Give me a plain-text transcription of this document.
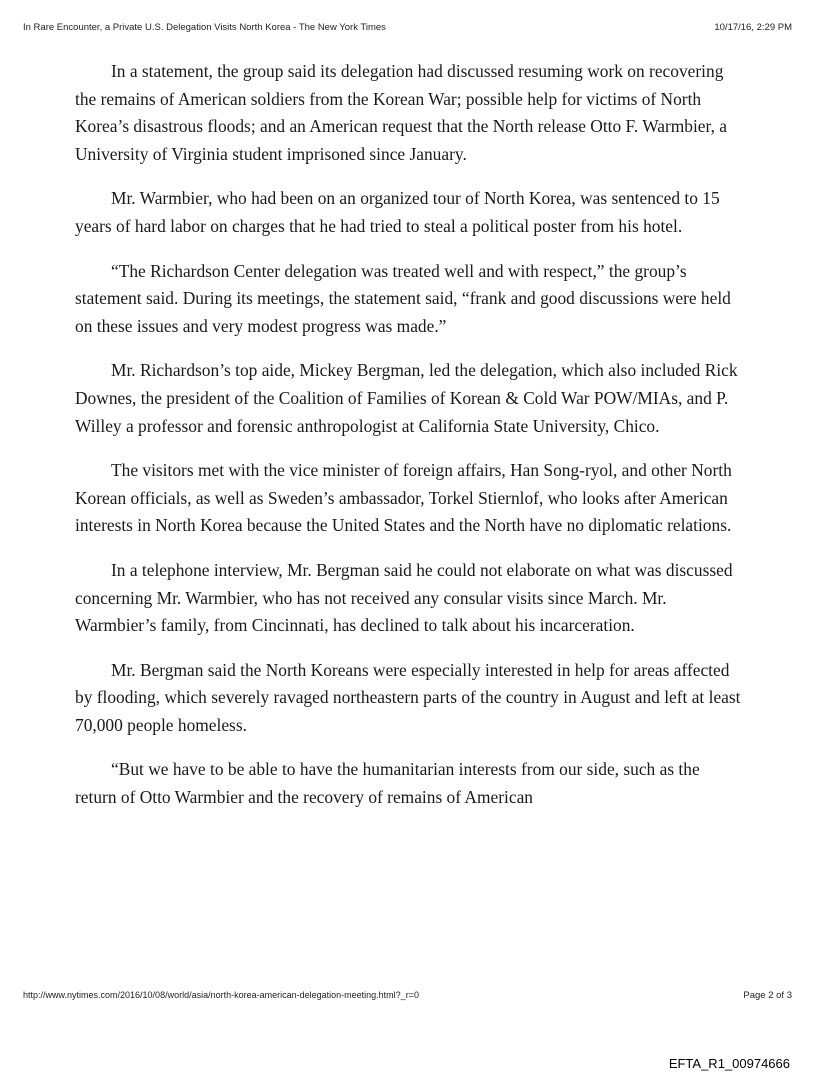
In Rare Encounter, a Private U.S. Delegation Visits North Korea - The New York Times	10/17/16, 2:29 PM

In a statement, the group said its delegation had discussed resuming work on recovering the remains of American soldiers from the Korean War; possible help for victims of North Korea’s disastrous floods; and an American request that the North release Otto F. Warmbier, a University of Virginia student imprisoned since January.

Mr. Warmbier, who had been on an organized tour of North Korea, was sentenced to 15 years of hard labor on charges that he had tried to steal a political poster from his hotel.

“The Richardson Center delegation was treated well and with respect,” the group’s statement said. During its meetings, the statement said, “frank and good discussions were held on these issues and very modest progress was made.”

Mr. Richardson’s top aide, Mickey Bergman, led the delegation, which also included Rick Downes, the president of the Coalition of Families of Korean & Cold War POW/MIAs, and P. Willey a professor and forensic anthropologist at California State University, Chico.

The visitors met with the vice minister of foreign affairs, Han Song-ryol, and other North Korean officials, as well as Sweden’s ambassador, Torkel Stiernlof, who looks after American interests in North Korea because the United States and the North have no diplomatic relations.

In a telephone interview, Mr. Bergman said he could not elaborate on what was discussed concerning Mr. Warmbier, who has not received any consular visits since March. Mr. Warmbier’s family, from Cincinnati, has declined to talk about his incarceration.

Mr. Bergman said the North Koreans were especially interested in help for areas affected by flooding, which severely ravaged northeastern parts of the country in August and left at least 70,000 people homeless.

“But we have to be able to have the humanitarian interests from our side, such as the return of Otto Warmbier and the recovery of remains of American

http://www.nytimes.com/2016/10/08/world/asia/north-korea-american-delegation-meeting.html?_r=0	Page 2 of 3
EFTA_R1_00974666
